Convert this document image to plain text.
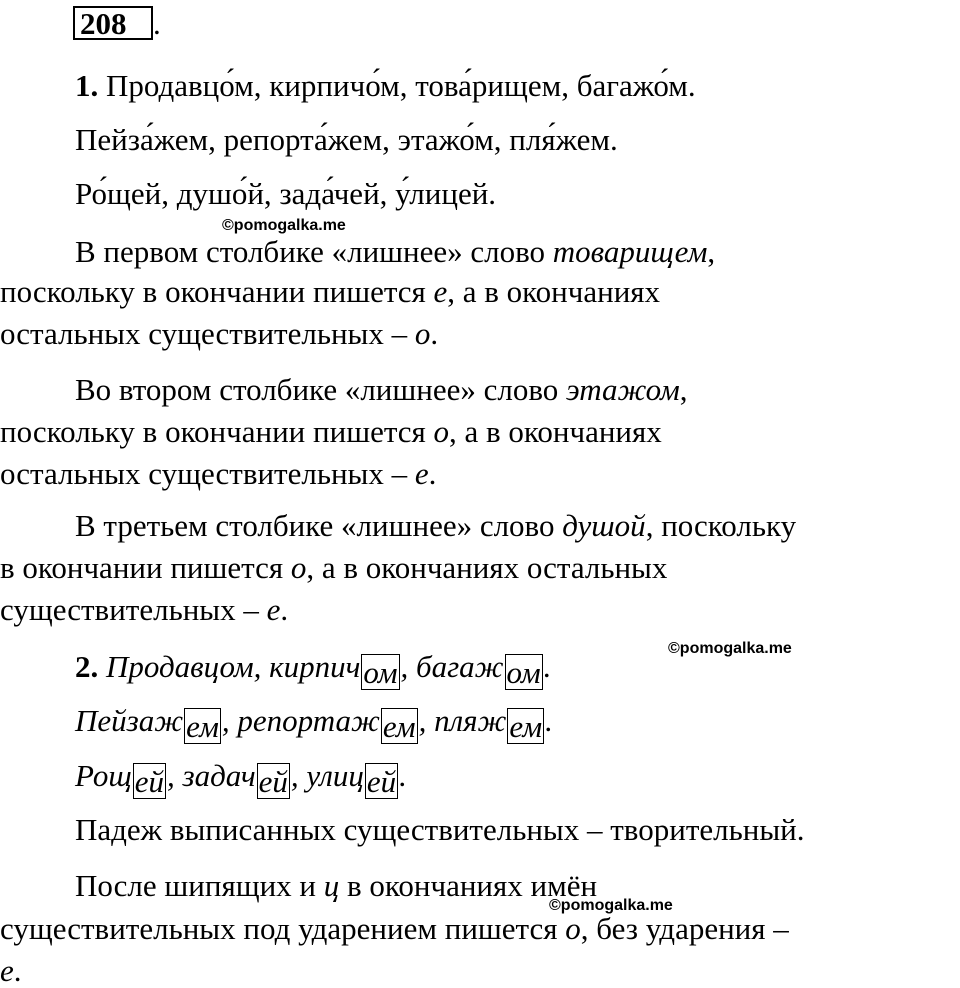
208 .
1. Продавцо́м, кирпичо́м, това́рищем, багажо́м.
Пейза́жем, репорта́жем, этажо́м, пля́жем.
Ро́щей, душо́й, зада́чей, у́лицей.
©pomogalka.me
В первом столбике «лишнее» слово товарищем,
поскольку в окончании пишется е, а в окончаниях
остальных существительных – о.
Во втором столбике «лишнее» слово этажом,
поскольку в окончании пишется о, а в окончаниях
остальных существительных – е.
В третьем столбике «лишнее» слово душой, поскольку
в окончании пишется о, а в окончаниях остальных
существительных – е.
©pomogalka.me
2. Продавцом, кирпичом, багажом.
Пейзажем, репортажем, пляжем.
Рощей, задачей, улицей.
Падеж выписанных существительных – творительный.
После шипящих и ц в окончаниях имён
©pomogalka.me
существительных под ударением пишется о, без ударения –
е.
